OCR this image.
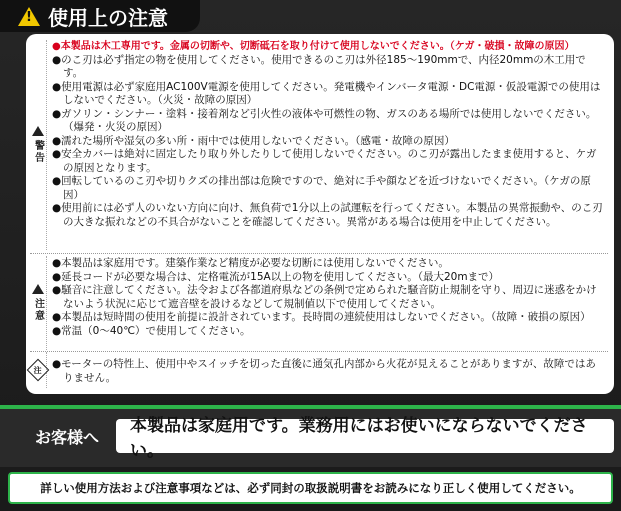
! 使用上の注意
警告
注意
注

●本製品は木工専用です。金属の切断や、切断砥石を取り付けて使用しないでください。（ケガ・破損・故障の原因）

●のこ刃は必ず指定の物を使用してください。使用できるのこ刃は外径185〜190mmで、内径20mmの木工用です。

●使用電源は必ず家庭用AC100V電源を使用してください。発電機やインバータ電源・DC電源・仮設電源での使用はしないでください。（火災・故障の原因）

●ガソリン・シンナー・塗料・接着剤など引火性の液体や可燃性の物、ガスのある場所では使用しないでください。（爆発・火災の原因）

●濡れた場所や湿気の多い所・雨中では使用しないでください。（感電・故障の原因）

●安全カバーは絶対に固定したり取り外したりして使用しないでください。のこ刃が露出したまま使用すると、ケガの原因となります。

●回転しているのこ刃や切りクズの排出部は危険ですので、絶対に手や顔などを近づけないでください。（ケガの原因）

●使用前には必ず人のいない方向に向け、無負荷で1分以上の試運転を行ってください。本製品の異常振動や、のこ刃の大きな振れなどの不具合がないことを確認してください。異常がある場合は使用を中止してください。

●本製品は家庭用です。建築作業など精度が必要な切断には使用しないでください。

●延長コードが必要な場合は、定格電流が15A以上の物を使用してください。（最大20mまで）

●騒音に注意してください。法令および各都道府県などの条例で定められた騒音防止規制を守り、周辺に迷惑をかけないよう状況に応じて遮音壁を設けるなどして規制値以下で使用してください。

●本製品は短時間の使用を前提に設計されています。長時間の連続使用はしないでください。（故障・破損の原因）

●常温（0〜40℃）で使用してください。

●モーターの特性上、使用中やスイッチを切った直後に通気孔内部から火花が見えることがありますが、故障ではありません。

お客様へ
本製品は家庭用です。業務用にはお使いにならないでください。
詳しい使用方法および注意事項などは、必ず同封の取扱説明書をお読みになり正しく使用してください。
